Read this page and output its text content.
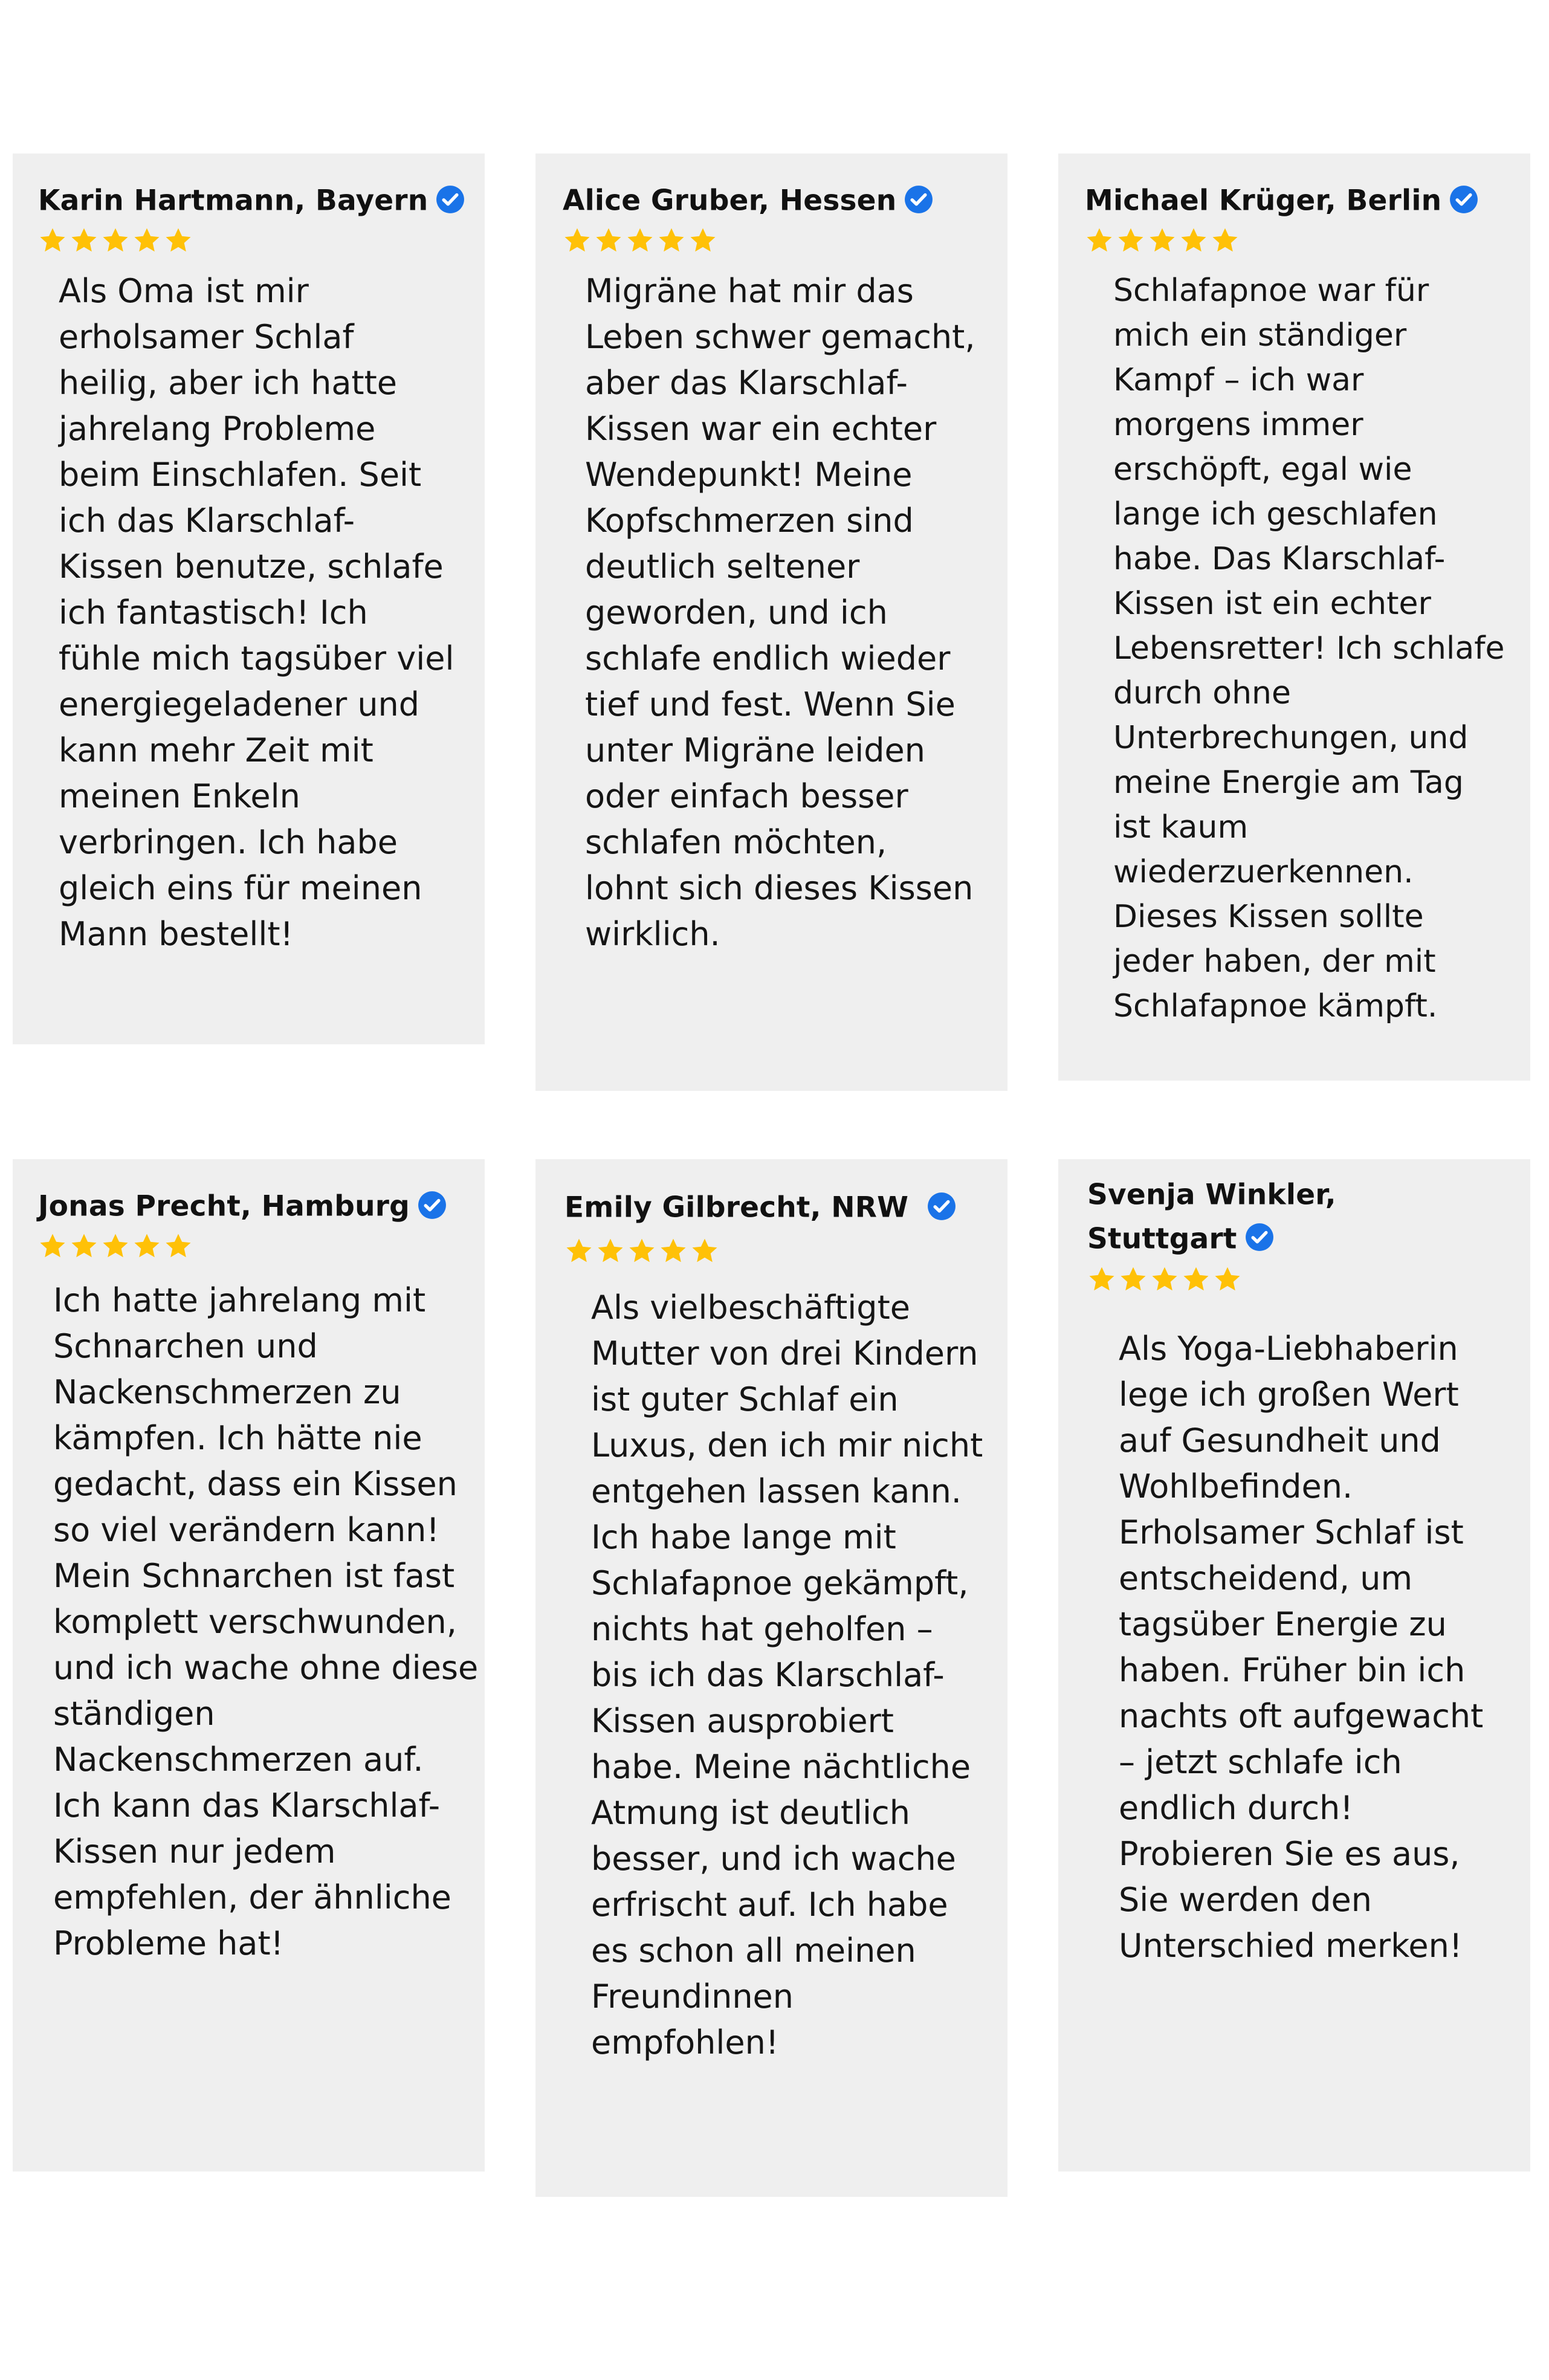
Karin Hartmann, Bayern

Als Oma ist mir erholsamer Schlaf heilig, aber ich hatte jahrelang Probleme beim Einschlafen. Seit ich das Klarschlaf-Kissen benutze, schlafe ich fantastisch! Ich fühle mich tagsüber viel energiegeladener und kann mehr Zeit mit meinen Enkeln verbringen. Ich habe gleich eins für meinen Mann bestellt!

Alice Gruber, Hessen

Migräne hat mir das Leben schwer gemacht, aber das Klarschlaf-Kissen war ein echter Wendepunkt! Meine Kopfschmerzen sind deutlich seltener geworden, und ich schlafe endlich wieder tief und fest. Wenn Sie unter Migräne leiden oder einfach besser schlafen möchten, lohnt sich dieses Kissen wirklich.

Michael Krüger, Berlin

Schlafapnoe war für mich ein ständiger Kampf – ich war morgens immer erschöpft, egal wie lange ich geschlafen habe. Das Klarschlaf-Kissen ist ein echter Lebensretter! Ich schlafe durch ohne Unterbrechungen, und meine Energie am Tag ist kaum wiederzuerkennen. Dieses Kissen sollte jeder haben, der mit Schlafapnoe kämpft.

Jonas Precht, Hamburg

Ich hatte jahrelang mit Schnarchen und Nackenschmerzen zu kämpfen. Ich hätte nie gedacht, dass ein Kissen so viel verändern kann! Mein Schnarchen ist fast komplett verschwunden, und ich wache ohne diese ständigen Nackenschmerzen auf. Ich kann das Klarschlaf-Kissen nur jedem empfehlen, der ähnliche Probleme hat!

Emily Gilbrecht, NRW

Als vielbeschäftigte Mutter von drei Kindern ist guter Schlaf ein Luxus, den ich mir nicht entgehen lassen kann. Ich habe lange mit Schlafapnoe gekämpft, nichts hat geholfen – bis ich das Klarschlaf-Kissen ausprobiert habe. Meine nächtliche Atmung ist deutlich besser, und ich wache erfrischt auf. Ich habe es schon all meinen Freundinnen empfohlen!

Svenja Winkler, Stuttgart

Als Yoga-Liebhaberin lege ich großen Wert auf Gesundheit und Wohlbefinden. Erholsamer Schlaf ist entscheidend, um tagsüber Energie zu haben. Früher bin ich nachts oft aufgewacht – jetzt schlafe ich endlich durch! Probieren Sie es aus, Sie werden den Unterschied merken!
